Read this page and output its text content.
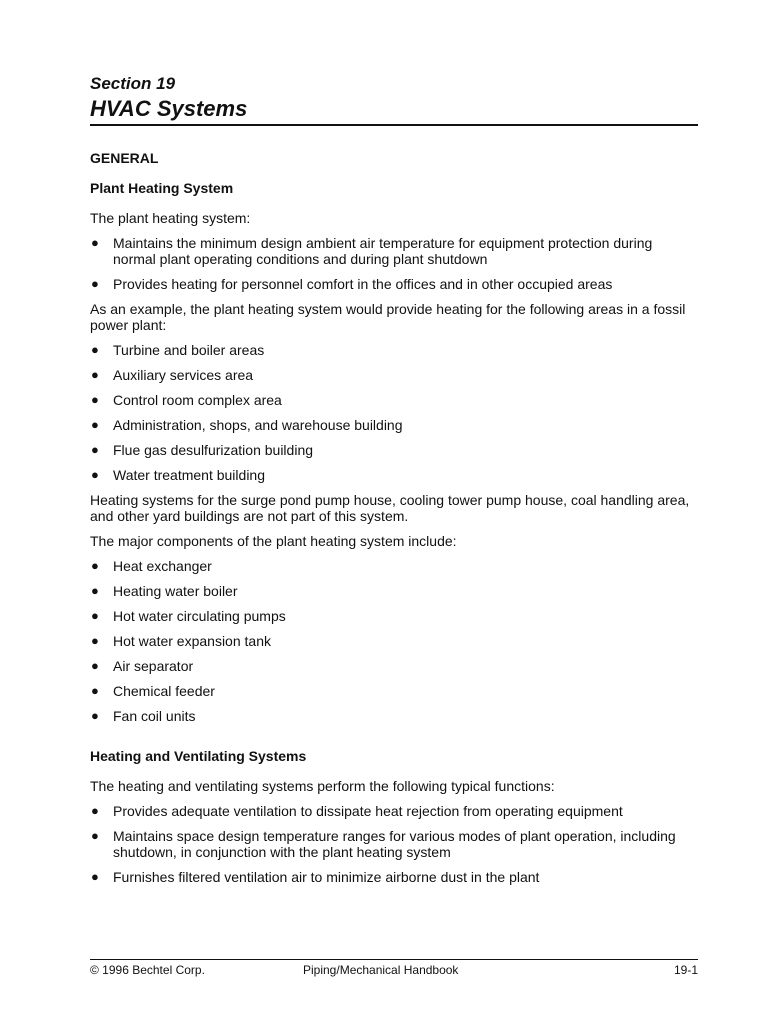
Section 19
HVAC Systems
GENERAL
Plant Heating System

The plant heating system:

● Maintains the minimum design ambient air temperature for equipment protection during normal plant operating conditions and during plant shutdown
● Provides heating for personnel comfort in the offices and in other occupied areas

As an example, the plant heating system would provide heating for the following areas in a fossil power plant:

● Turbine and boiler areas
● Auxiliary services area
● Control room complex area
● Administration, shops, and warehouse building
● Flue gas desulfurization building
● Water treatment building

Heating systems for the surge pond pump house, cooling tower pump house, coal handling area, and other yard buildings are not part of this system.

The major components of the plant heating system include:

● Heat exchanger
● Heating water boiler
● Hot water circulating pumps
● Hot water expansion tank
● Air separator
● Chemical feeder
● Fan coil units
Heating and Ventilating Systems

The heating and ventilating systems perform the following typical functions:

● Provides adequate ventilation to dissipate heat rejection from operating equipment
● Maintains space design temperature ranges for various modes of plant operation, including shutdown, in conjunction with the plant heating system
● Furnishes filtered ventilation air to minimize airborne dust in the plant
© 1996 Bechtel Corp.	Piping/Mechanical Handbook	19-1
